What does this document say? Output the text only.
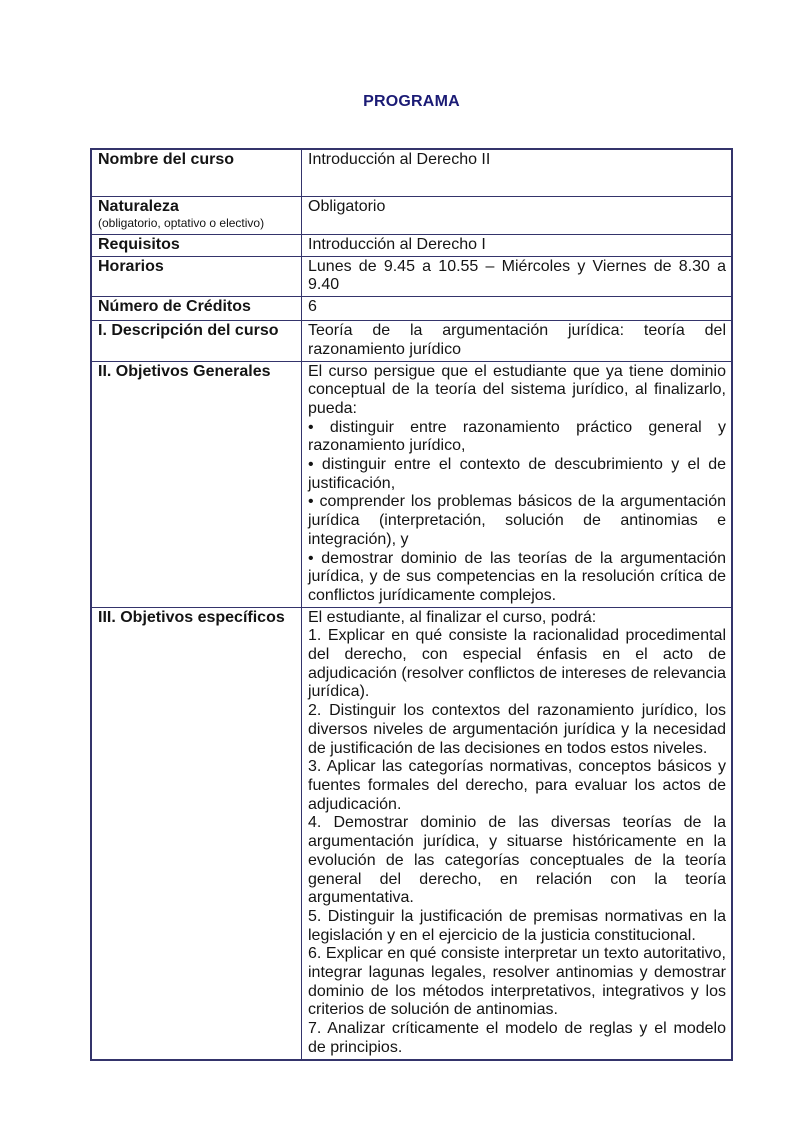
PROGRAMA
Nombre del curso	Introducción al Derecho II

Naturaleza
(obligatorio, optativo o electivo)	Obligatorio
Requisitos	Introducción al Derecho I
Horarios	Lunes de 9.45 a 10.55 – Miércoles y Viernes de 8.30 a 9.40
Número de Créditos	6
I. Descripción del curso	Teoría de la argumentación jurídica: teoría del razonamiento jurídico
II. Objetivos Generales	El curso persigue que el estudiante que ya tiene dominio conceptual de la teoría del sistema jurídico, al finalizarlo, pueda:

• distinguir entre razonamiento práctico general y razonamiento jurídico,

• distinguir entre el contexto de descubrimiento y el de justificación,

• comprender los problemas básicos de la argumentación jurídica (interpretación, solución de antinomias e integración), y

• demostrar dominio de las teorías de la argumentación jurídica, y de sus competencias en la resolución crítica de conflictos jurídicamente complejos.

III. Objetivos específicos	El estudiante, al finalizar el curso, podrá:

1. Explicar en qué consiste la racionalidad procedimental del derecho, con especial énfasis en el acto de adjudicación (resolver conflictos de intereses de relevancia jurídica).

2. Distinguir los contextos del razonamiento jurídico, los diversos niveles de argumentación jurídica y la necesidad de justificación de las decisiones en todos estos niveles.

3. Aplicar las categorías normativas, conceptos básicos y fuentes formales del derecho, para evaluar los actos de adjudicación.

4. Demostrar dominio de las diversas teorías de la argumentación jurídica, y situarse históricamente en la evolución de las categorías conceptuales de la teoría general del derecho, en relación con la teoría argumentativa.

5. Distinguir la justificación de premisas normativas en la legislación y en el ejercicio de la justicia constitucional.

6. Explicar en qué consiste interpretar un texto autoritativo, integrar lagunas legales, resolver antinomias y demostrar dominio de los métodos interpretativos, integrativos y los criterios de solución de antinomias.

7. Analizar críticamente el modelo de reglas y el modelo de principios.
